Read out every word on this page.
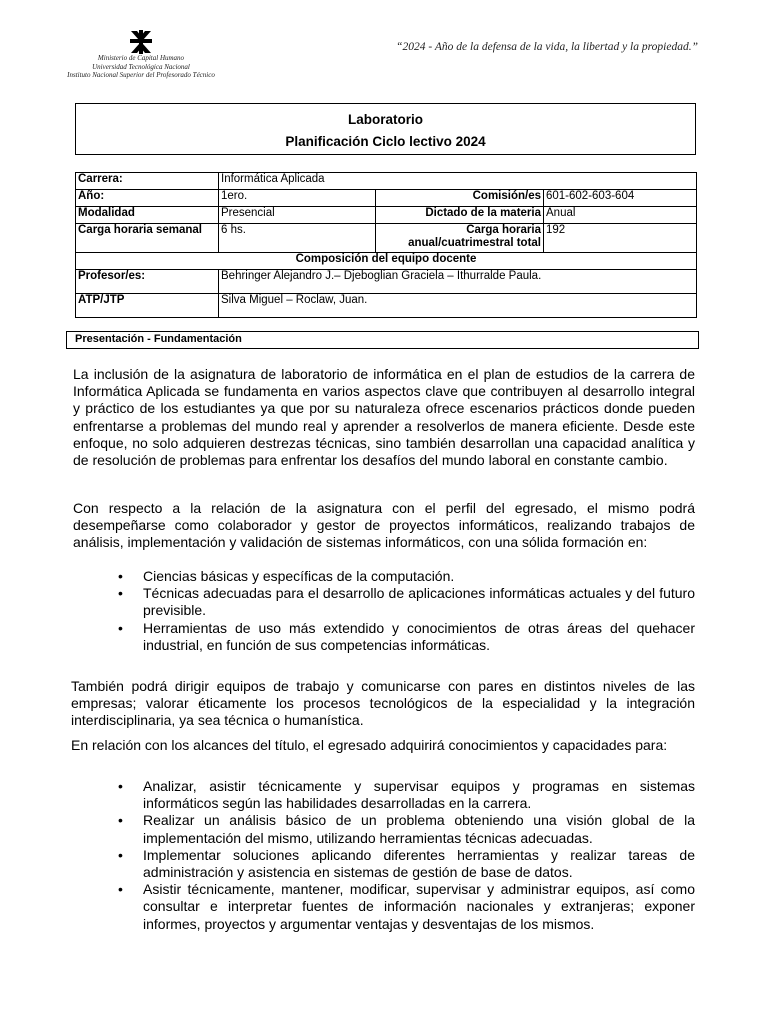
Ministerio de Capital Humano
Universidad Tecnológica Nacional
Instituto Nacional Superior del Profesorado Técnico
“2024 - Año de la defensa de la vida, la libertad y la propiedad.”
Laboratorio
Planificación Ciclo lectivo 2024
Carrera:	Informática Aplicada		
Año:	1ero.	Comisión/es	601-602-603-604
Modalidad	Presencial	Dictado de la materia	Anual
Carga horaria semanal	6 hs.	Carga horaria anual/cuatrimestral total	192
Composición del equipo docente			
Profesor/es:	Behringer Alejandro J.– Djeboglian Graciela – Ithurralde Paula.		
ATP/JTP	Silva Miguel – Roclaw, Juan.		
Presentación - Fundamentación
La inclusión de la asignatura de laboratorio de informática en el plan de estudios de la carrera de Informática Aplicada se fundamenta en varios aspectos clave que contribuyen al desarrollo integral y práctico de los estudiantes ya que por su naturaleza ofrece escenarios prácticos donde pueden enfrentarse a problemas del mundo real y aprender a resolverlos de manera eficiente. Desde este enfoque, no solo adquieren destrezas técnicas, sino también desarrollan una capacidad analítica y de resolución de problemas para enfrentar los desafíos del mundo laboral en constante cambio.
Con respecto a la relación de la asignatura con el perfil del egresado, el mismo podrá desempeñarse como colaborador y gestor de proyectos informáticos, realizando trabajos de análisis, implementación y validación de sistemas informáticos, con una sólida formación en:
• Ciencias básicas y específicas de la computación.
• Técnicas adecuadas para el desarrollo de aplicaciones informáticas actuales y del futuro previsible.
• Herramientas de uso más extendido y conocimientos de otras áreas del quehacer industrial, en función de sus competencias informáticas.
También podrá dirigir equipos de trabajo y comunicarse con pares en distintos niveles de las empresas; valorar éticamente los procesos tecnológicos de la especialidad y la integración interdisciplinaria, ya sea técnica o humanística.
En relación con los alcances del título, el egresado adquirirá conocimientos y capacidades para:
• Analizar, asistir técnicamente y supervisar equipos y programas en sistemas informáticos según las habilidades desarrolladas en la carrera.
• Realizar un análisis básico de un problema obteniendo una visión global de la implementación del mismo, utilizando herramientas técnicas adecuadas.
• Implementar soluciones aplicando diferentes herramientas y realizar tareas de administración y asistencia en sistemas de gestión de base de datos.
• Asistir técnicamente, mantener, modificar, supervisar y administrar equipos, así como consultar e interpretar fuentes de información nacionales y extranjeras; exponer informes, proyectos y argumentar ventajas y desventajas de los mismos.
